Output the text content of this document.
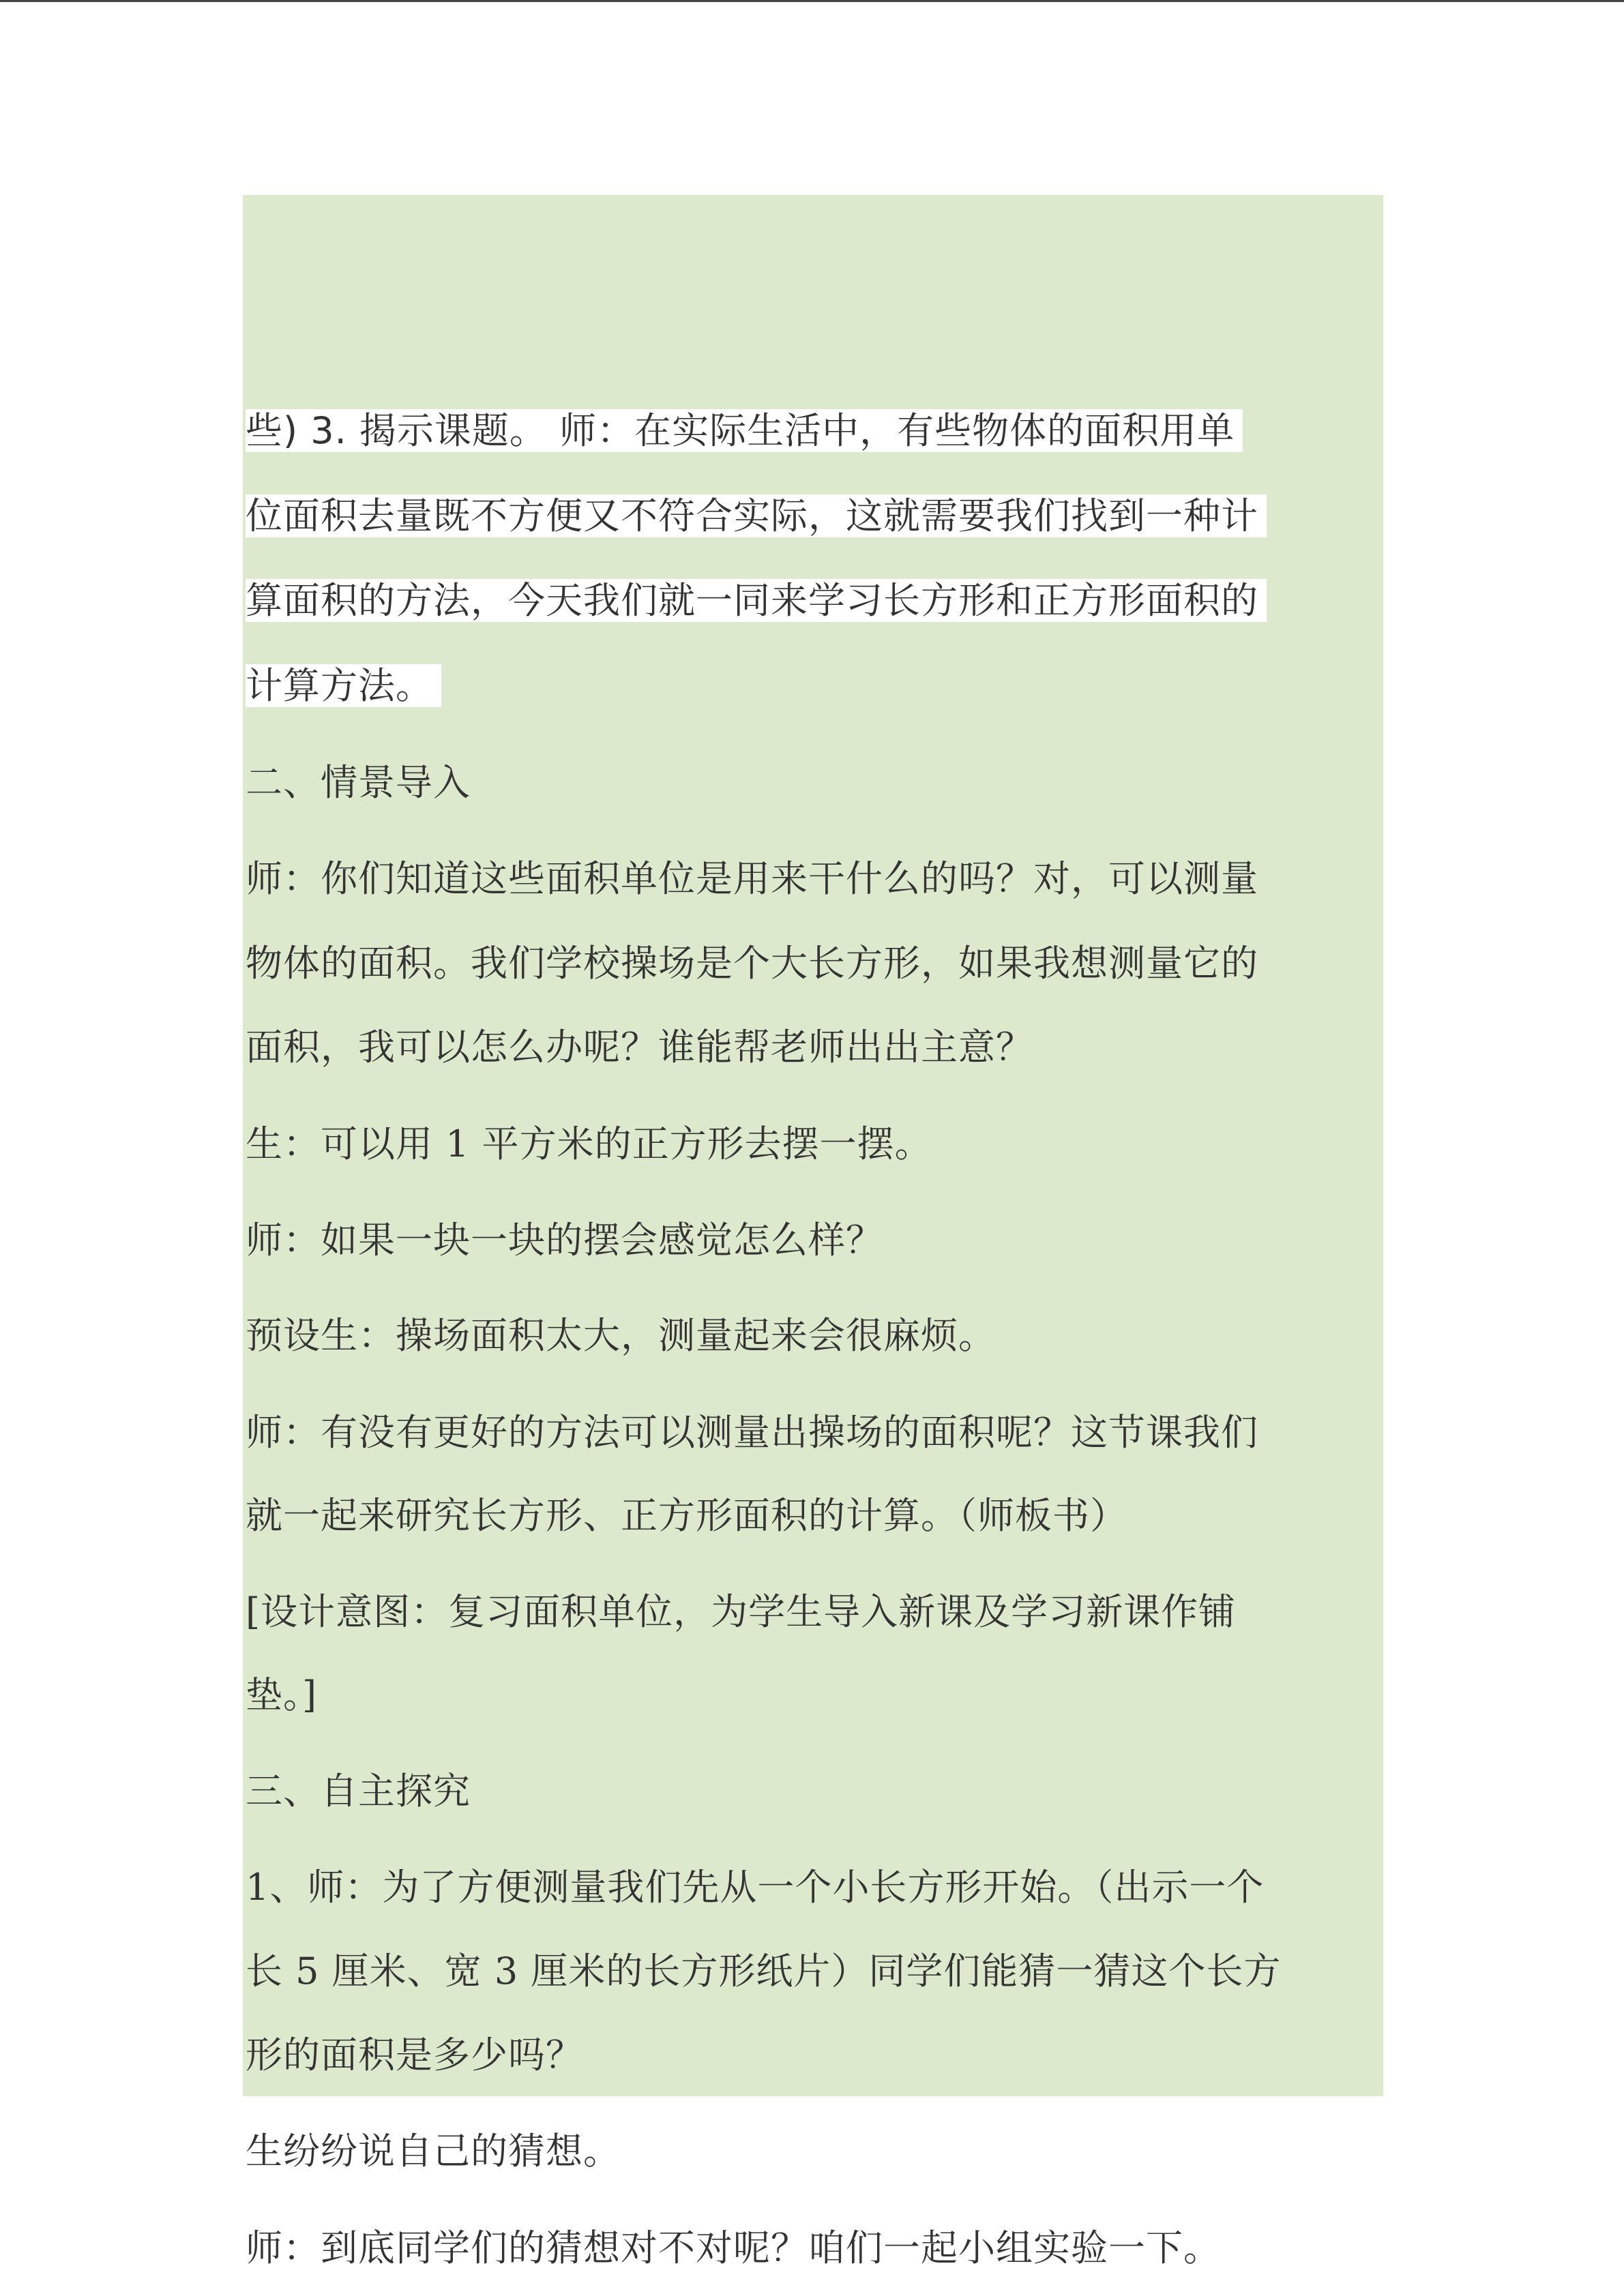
些) 3. 揭示课题。 师：在实际生活中，有些物体的面积用单
位面积去量既不方便又不符合实际，这就需要我们找到一种计
算面积的方法，今天我们就一同来学习长方形和正方形面积的
计算方法。
二、情景导入
师：你们知道这些面积单位是用来干什么的吗？对，可以测量
物体的面积。我们学校操场是个大长方形，如果我想测量它的
面积，我可以怎么办呢？谁能帮老师出出主意？
生：可以用 1 平方米的正方形去摆一摆。
师：如果一块一块的摆会感觉怎么样？
预设生：操场面积太大，测量起来会很麻烦。
师：有没有更好的方法可以测量出操场的面积呢？这节课我们
就一起来研究长方形、正方形面积的计算。（师板书）
[设计意图：复习面积单位，为学生导入新课及学习新课作铺
垫。]
三、自主探究
1、师：为了方便测量我们先从一个小长方形开始。（出示一个
长 5 厘米、宽 3 厘米的长方形纸片）同学们能猜一猜这个长方
形的面积是多少吗？
生纷纷说自己的猜想。
师：到底同学们的猜想对不对呢？咱们一起小组实验一下。
